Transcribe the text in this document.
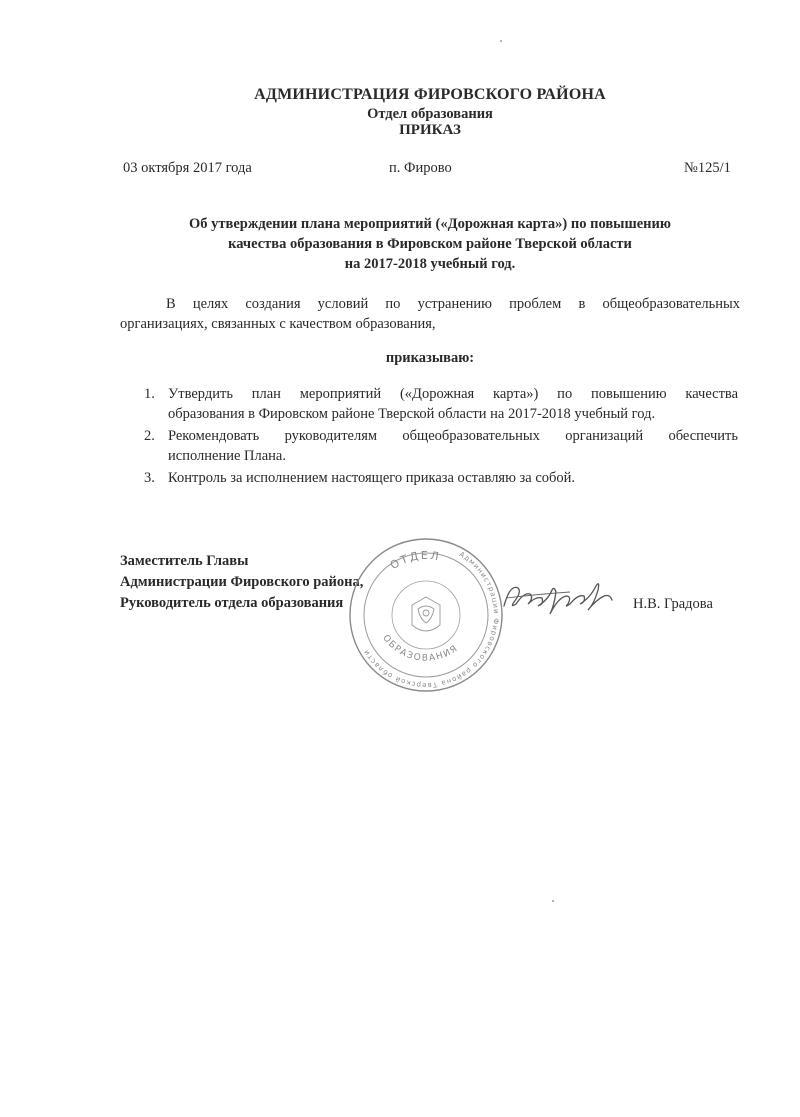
АДМИНИСТРАЦИЯ ФИРОВСКОГО РАЙОНА
Отдел образования
ПРИКАЗ
03 октября 2017 года	п. Фирово	№125/1
Об утверждении плана мероприятий («Дорожная карта») по повышению
качества образования в Фировском районе Тверской области
на 2017-2018 учебный год.
В целях создания условий по устранению проблем в общеобразовательных
организациях, связанных с качеством образования,
приказываю:
1. Утвердить план мероприятий («Дорожная карта») по повышению качества
образования в Фировском районе Тверской области на 2017-2018 учебный год.
2. Рекомендовать руководителям общеобразовательных организаций обеспечить
исполнение Плана.
3. Контроль за исполнением настоящего приказа оставляю за собой.
Заместитель Главы
Администрации Фировского района,
Руководитель отдела образования
Администрации Фировского района Тверской области
ОТДЕЛ
ОБРАЗОВАНИЯ
Н.В. Градова
